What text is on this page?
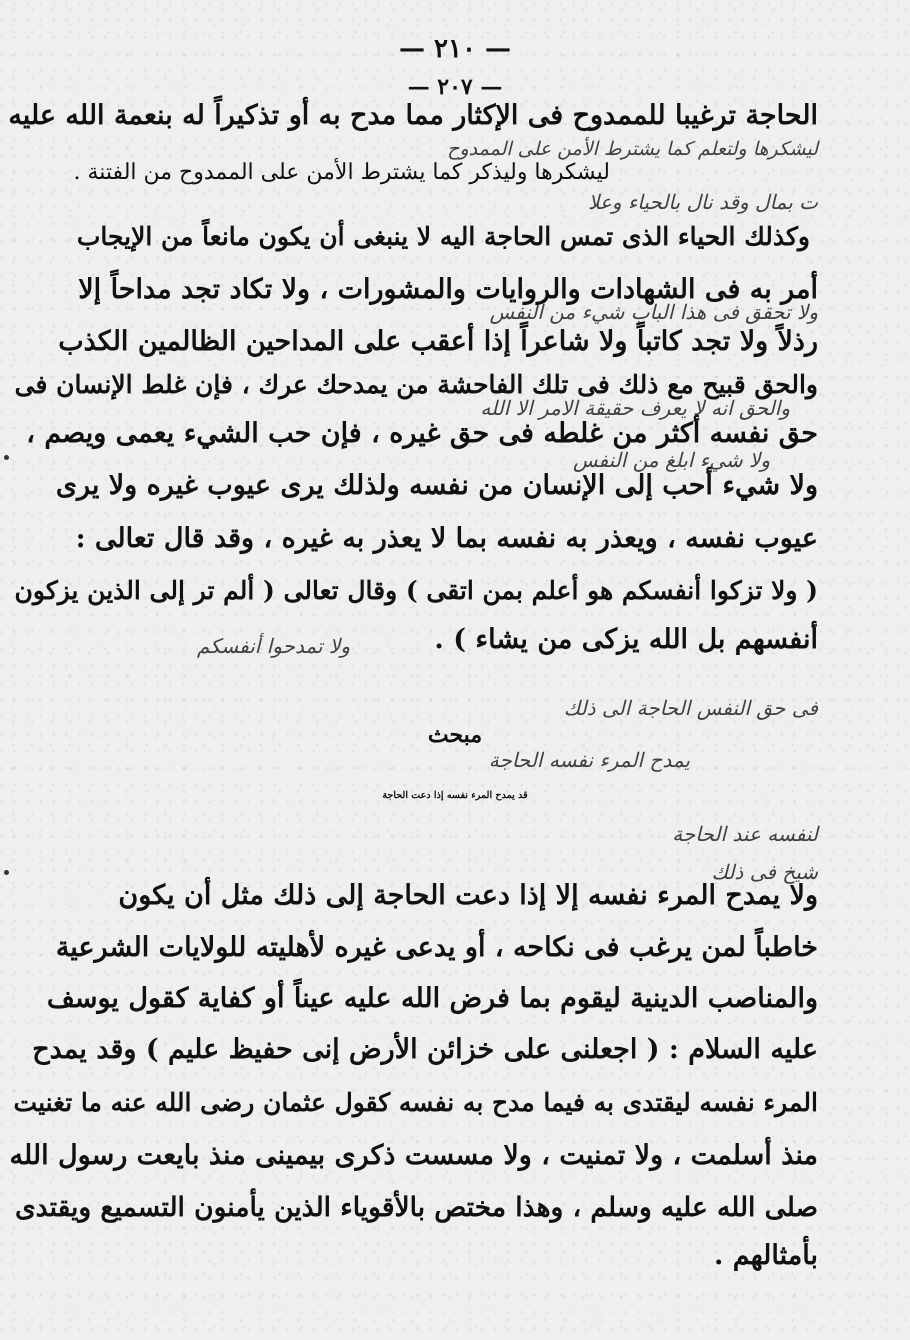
— ٢١٠ —
— ٢٠٧ —
الحاجة ترغيبا للممدوح فى الإكثار مما مدح به أو تذكيراً له بنعمة الله عليه
ليشكرها ولتعلم كما يشترط الأمن على الممدوح
ليشكرها وليذكر كما يشترط الأمن على الممدوح من الفتنة .
ت بمال وقد نال بالحياء وعلا
وكذلك الحياء الذى تمس الحاجة اليه لا ينبغى أن يكون مانعاً من الإيجاب
أمر به فى الشهادات والروايات والمشورات ، ولا تكاد تجد مداحاً إلا
ولا تحقق فى هذا الباب شيء من النفس
رذلاً ولا تجد كاتباً ولا شاعراً إذا أعقب على المداحين الظالمين الكذب
والحق قبيح مع ذلك فى تلك الفاحشة من يمدحك عرك ، فإن غلط الإنسان فى
والحق انه لا يعرف حقيقة الامر الا الله
حق نفسه أكثر من غلطه فى حق غيره ، فإن حب الشيء يعمى ويصم ،
ولا شيء ابلغ من النفس
ولا شيء أحب إلى الإنسان من نفسه ولذلك يرى عيوب غيره ولا يرى
عيوب نفسه ، ويعذر به نفسه بما لا يعذر به غيره ، وقد قال تعالى :
( ولا تزكوا أنفسكم هو أعلم بمن اتقى ) وقال تعالى ( ألم تر إلى الذين يزكون
أنفسهم بل الله يزكى من يشاء ) .
ولا تمدحوا أنفسكم
فى حق النفس الحاجة الى ذلك
مبحث
يمدح المرء نفسه الحاجة
قد يمدح المرء نفسه إذا دعت الحاجة
لنفسه عند الحاجة
شيخ فى ذلك
ولا يمدح المرء نفسه إلا إذا دعت الحاجة إلى ذلك مثل أن يكون
خاطباً لمن يرغب فى نكاحه ، أو يدعى غيره لأهليته للولايات الشرعية
والمناصب الدينية ليقوم بما فرض الله عليه عيناً أو كفاية كقول يوسف
عليه السلام : ( اجعلنى على خزائن الأرض إنى حفيظ عليم ) وقد يمدح
المرء نفسه ليقتدى به فيما مدح به نفسه كقول عثمان رضى الله عنه ما تغنيت
منذ أسلمت ، ولا تمنيت ، ولا مسست ذكرى بيمينى منذ بايعت رسول الله
صلى الله عليه وسلم ، وهذا مختص بالأقوياء الذين يأمنون التسميع ويقتدى
بأمثالهم .
